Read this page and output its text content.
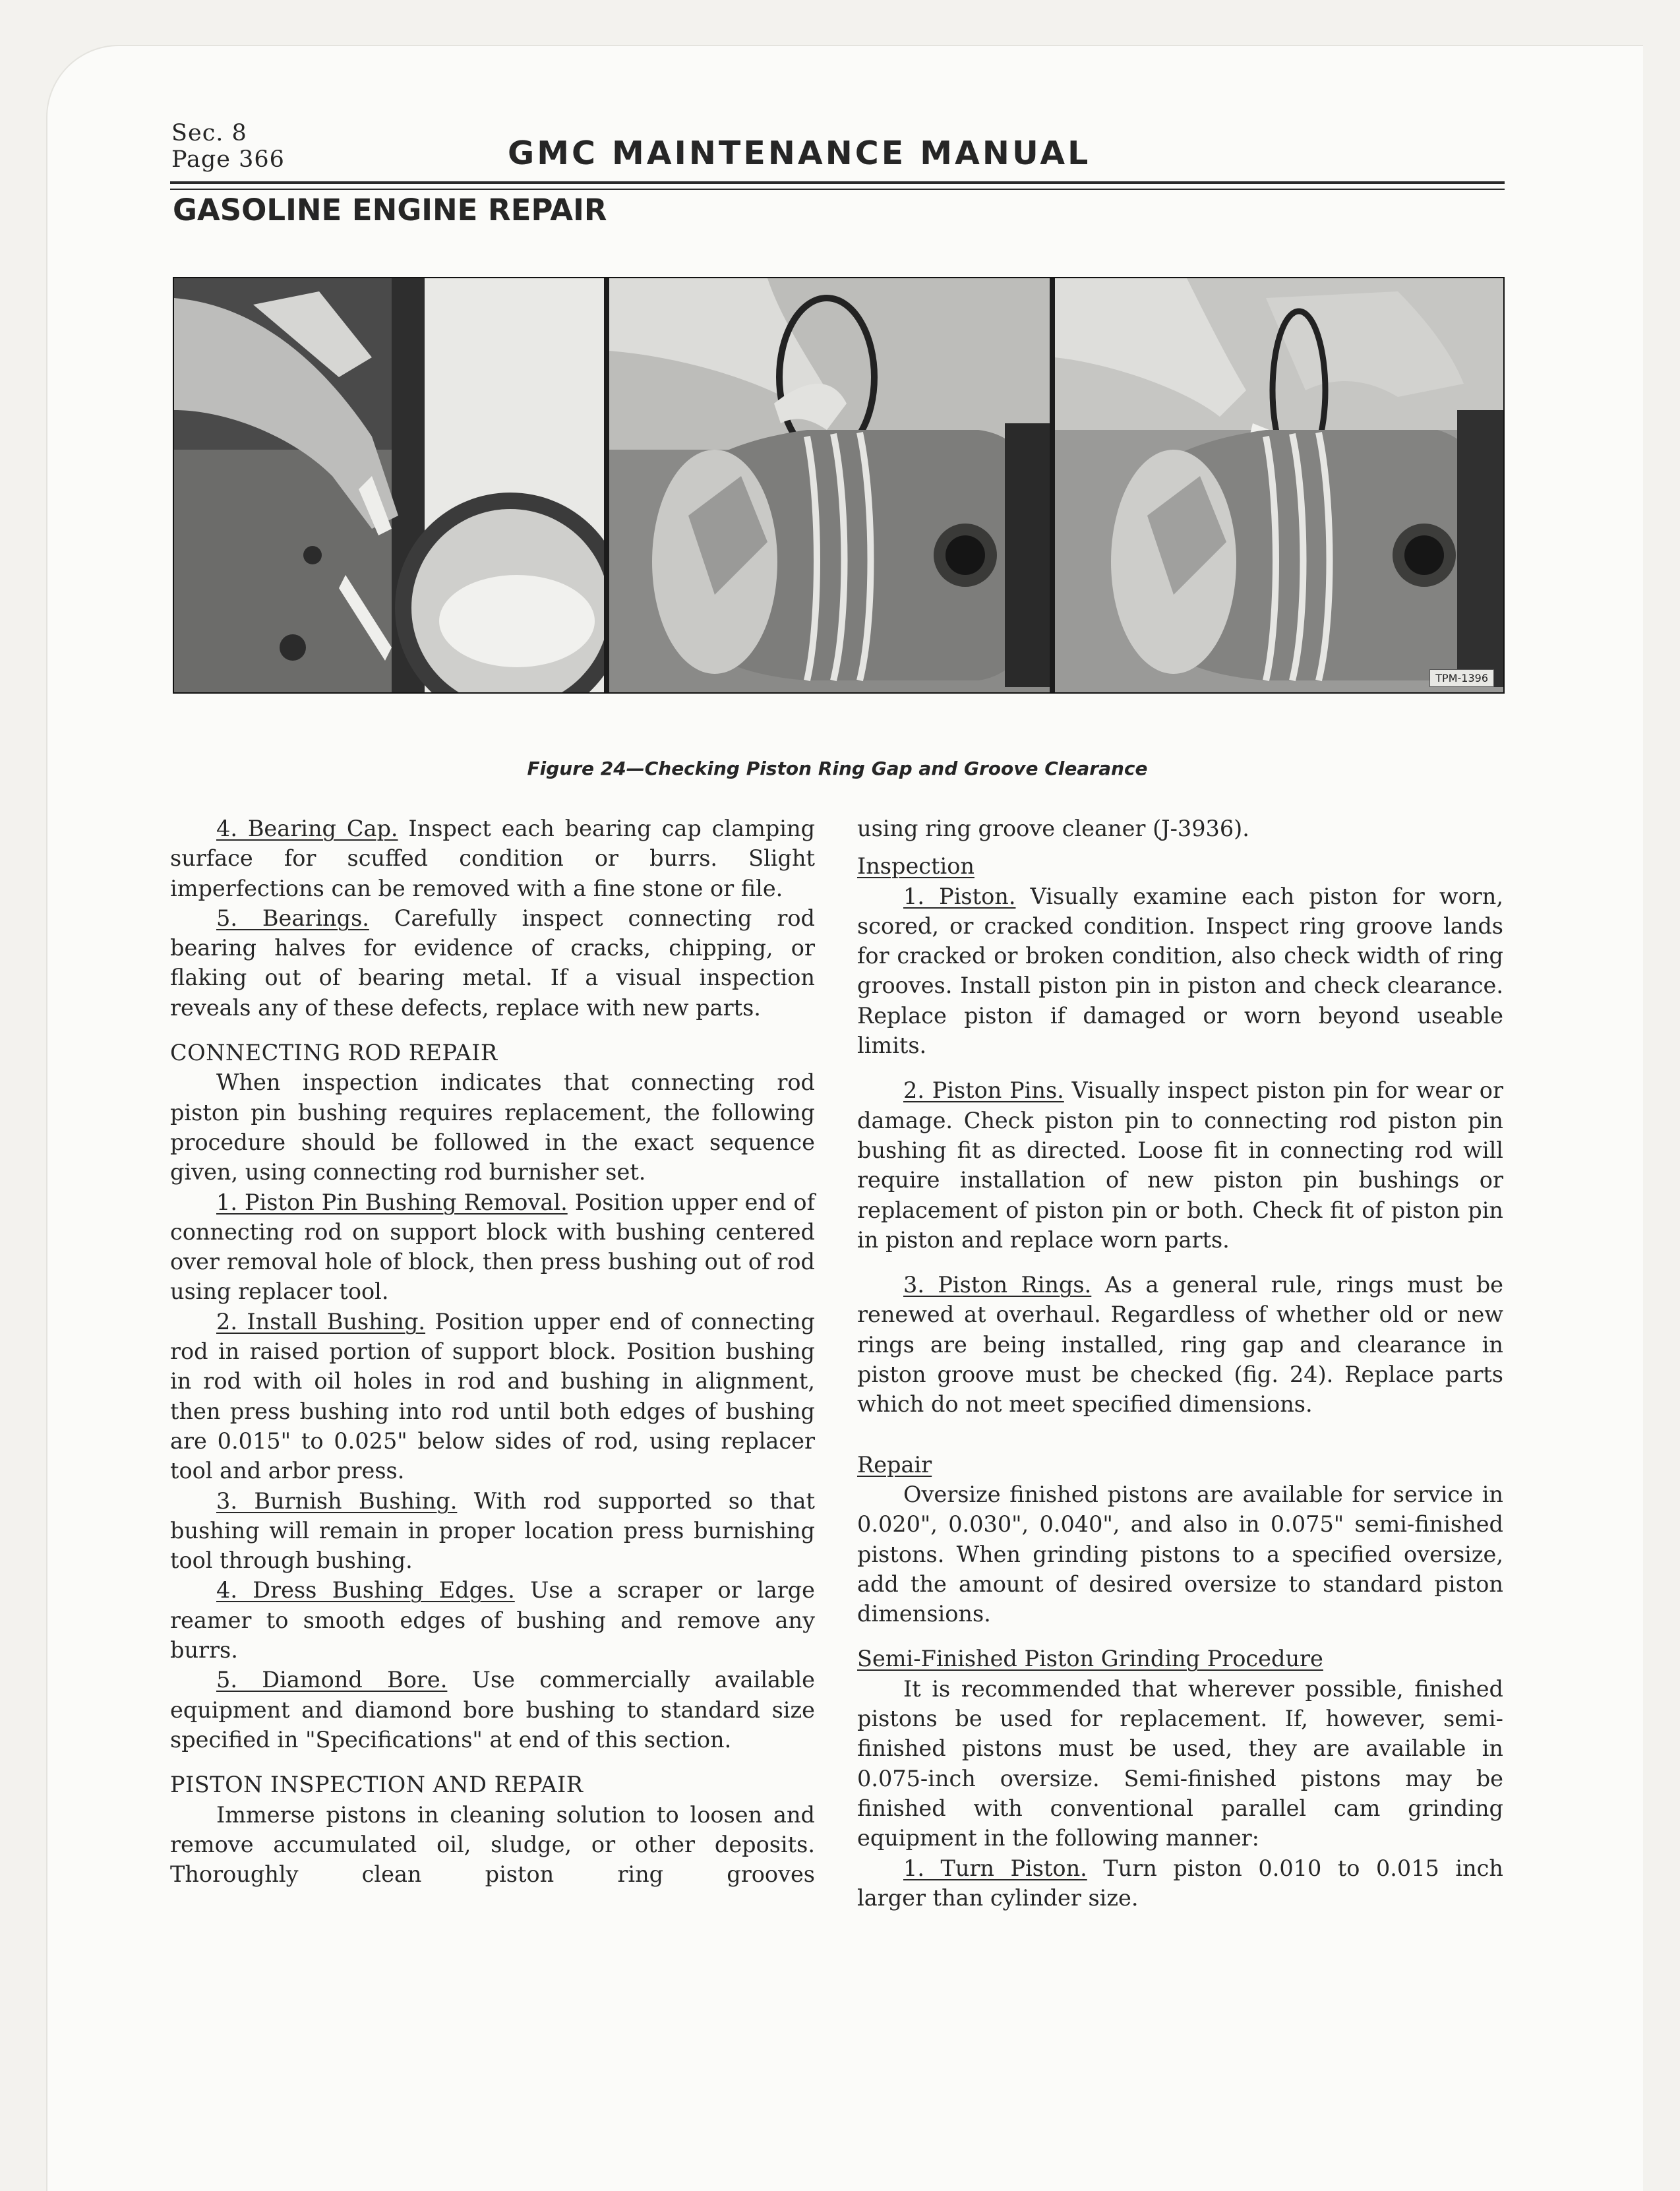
Sec. 8
Page 366	GMC MAINTENANCE MANUAL
GASOLINE ENGINE REPAIR
TPM-1396
Figure 24—Checking Piston Ring Gap and Groove Clearance

4. Bearing Cap. Inspect each bearing cap clamping surface for scuffed condition or burrs. Slight imperfections can be removed with a fine stone or file.

5. Bearings. Carefully inspect connecting rod bearing halves for evidence of cracks, chipping, or flaking out of bearing metal. If a visual inspection reveals any of these defects, replace with new parts.

CONNECTING ROD REPAIR

When inspection indicates that connecting rod piston pin bushing requires replacement, the following procedure should be followed in the exact sequence given, using connecting rod burnisher set.

1. Piston Pin Bushing Removal. Position upper end of connecting rod on support block with bushing centered over removal hole of block, then press bushing out of rod using replacer tool.

2. Install Bushing. Position upper end of connecting rod in raised portion of support block. Position bushing in rod with oil holes in rod and bushing in alignment, then press bushing into rod until both edges of bushing are 0.015" to 0.025" below sides of rod, using replacer tool and arbor press.

3. Burnish Bushing. With rod supported so that bushing will remain in proper location press burnishing tool through bushing.

4. Dress Bushing Edges. Use a scraper or large reamer to smooth edges of bushing and remove any burrs.

5. Diamond Bore. Use commercially available equipment and diamond bore bushing to standard size specified in "Specifications" at end of this section.

PISTON INSPECTION AND REPAIR

Immerse pistons in cleaning solution to loosen and remove accumulated oil, sludge, or other deposits. Thoroughly clean piston ring grooves

using ring groove cleaner (J-3936).

Inspection

1. Piston. Visually examine each piston for worn, scored, or cracked condition. Inspect ring groove lands for cracked or broken condition, also check width of ring grooves. Install piston pin in piston and check clearance. Replace piston if damaged or worn beyond useable limits.

2. Piston Pins. Visually inspect piston pin for wear or damage. Check piston pin to connecting rod piston pin bushing fit as directed. Loose fit in connecting rod will require installation of new piston pin bushings or replacement of piston pin or both. Check fit of piston pin in piston and replace worn parts.

3. Piston Rings. As a general rule, rings must be renewed at overhaul. Regardless of whether old or new rings are being installed, ring gap and clearance in piston groove must be checked (fig. 24). Replace parts which do not meet specified dimensions.

Repair

Oversize finished pistons are available for service in 0.020", 0.030", 0.040", and also in 0.075" semi-finished pistons. When grinding pistons to a specified oversize, add the amount of desired oversize to standard piston dimensions.

Semi-Finished Piston Grinding Procedure

It is recommended that wherever possible, finished pistons be used for replacement. If, however, semi-finished pistons must be used, they are available in 0.075-inch oversize. Semi-finished pistons may be finished with conventional parallel cam grinding equipment in the following manner:

1. Turn Piston. Turn piston 0.010 to 0.015 inch larger than cylinder size.
